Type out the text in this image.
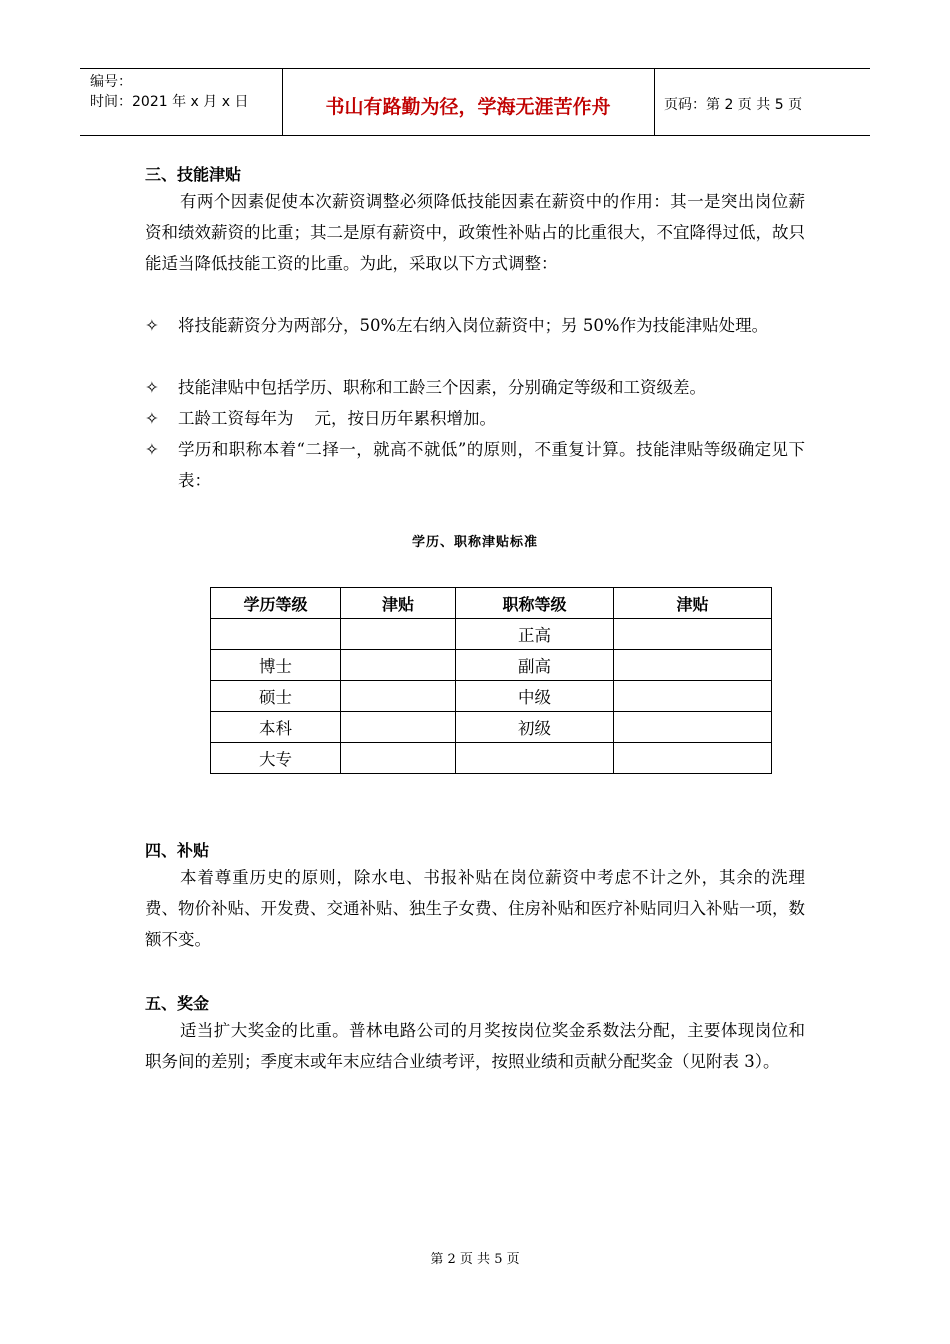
编号：
时间：2021 年 x 月 x 日	书山有路勤为径，学海无涯苦作舟	页码：第 2 页 共 5 页
三、技能津贴
有两个因素促使本次薪资调整必须降低技能因素在薪资中的作用：其一是突出岗位薪资和绩效薪资的比重；其二是原有薪资中，政策性补贴占的比重很大，不宜降得过低，故只能适当降低技能工资的比重。为此，采取以下方式调整：
✧	将技能薪资分为两部分，50%左右纳入岗位薪资中；另 50%作为技能津贴处理。
✧	技能津贴中包括学历、职称和工龄三个因素，分别确定等级和工资级差。
✧	工龄工资每年为    元，按日历年累积增加。
✧	学历和职称本着“二择一，就高不就低”的原则，不重复计算。技能津贴等级确定见下表：
学历、职称津贴标准
学历等级	津贴	职称等级	津贴
		正高	
博士		副高	
硕士		中级	
本科		初级	
大专			
四、补贴
本着尊重历史的原则，除水电、书报补贴在岗位薪资中考虑不计之外，其余的洗理费、物价补贴、开发费、交通补贴、独生子女费、住房补贴和医疗补贴同归入补贴一项，数额不变。
五、奖金
适当扩大奖金的比重。普林电路公司的月奖按岗位奖金系数法分配，主要体现岗位和职务间的差别；季度末或年末应结合业绩考评，按照业绩和贡献分配奖金（见附表 3）。
第 2 页 共 5 页
